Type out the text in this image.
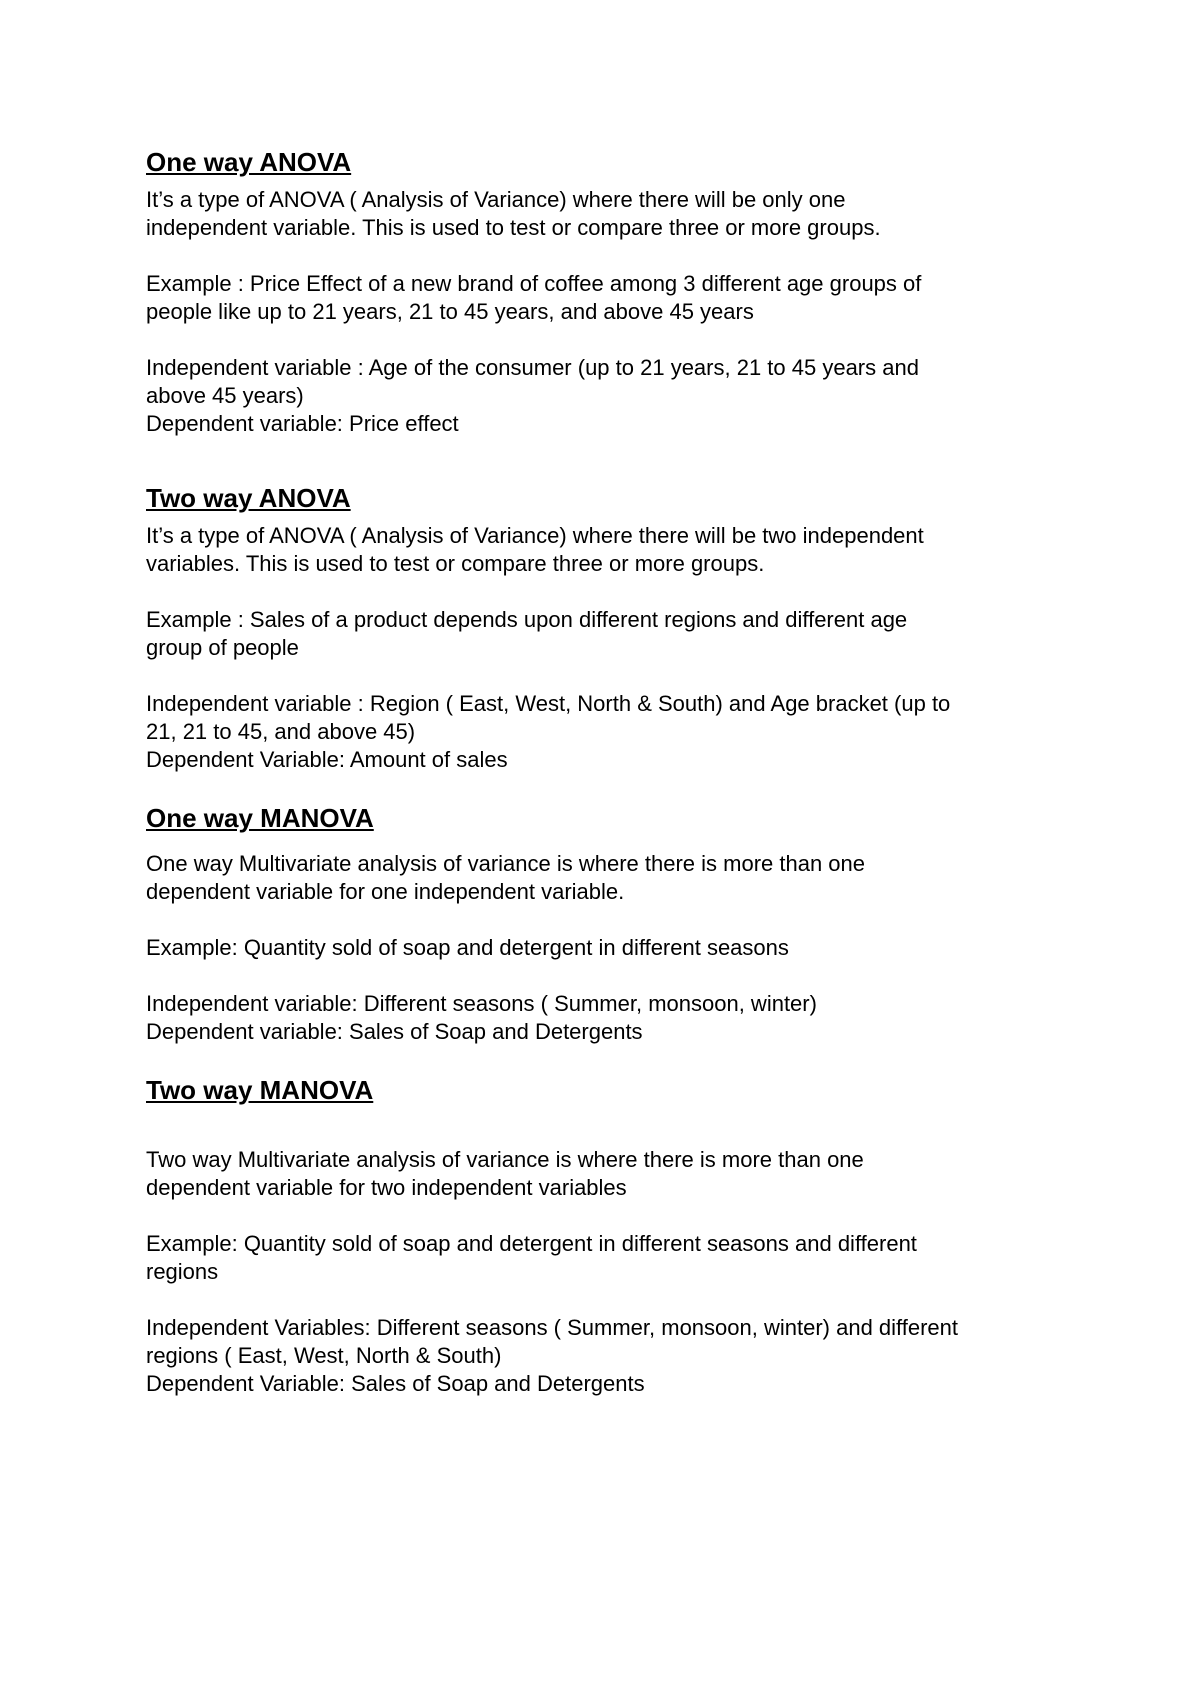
One way ANOVA
It’s a type of ANOVA ( Analysis of Variance) where there will be only one
independent variable. This is used to test or compare three or more groups.
Example : Price Effect of a new brand of coffee among 3 different age groups of
people like up to 21 years, 21 to 45 years, and above 45 years
Independent variable : Age of the consumer (up to 21 years, 21 to 45 years and
above 45 years)
Dependent variable: Price effect
Two way ANOVA
It’s a type of ANOVA ( Analysis of Variance) where there will be two independent
variables. This is used to test or compare three or more groups.
Example : Sales of a product depends upon different regions and different age
group of people
Independent variable : Region ( East, West, North & South) and Age bracket (up to
21, 21 to 45, and above 45)
Dependent Variable: Amount of sales
One way MANOVA
One way Multivariate analysis of variance is where there is more than one
dependent variable for one independent variable.
Example: Quantity sold of soap and detergent in different seasons
Independent variable: Different seasons ( Summer, monsoon, winter)
Dependent variable: Sales of Soap and Detergents
Two way MANOVA
Two way Multivariate analysis of variance is where there is more than one
dependent variable for two independent variables
Example: Quantity sold of soap and detergent in different seasons and different
regions
Independent Variables: Different seasons ( Summer, monsoon, winter) and different
regions ( East, West, North & South)
Dependent Variable: Sales of Soap and Detergents
